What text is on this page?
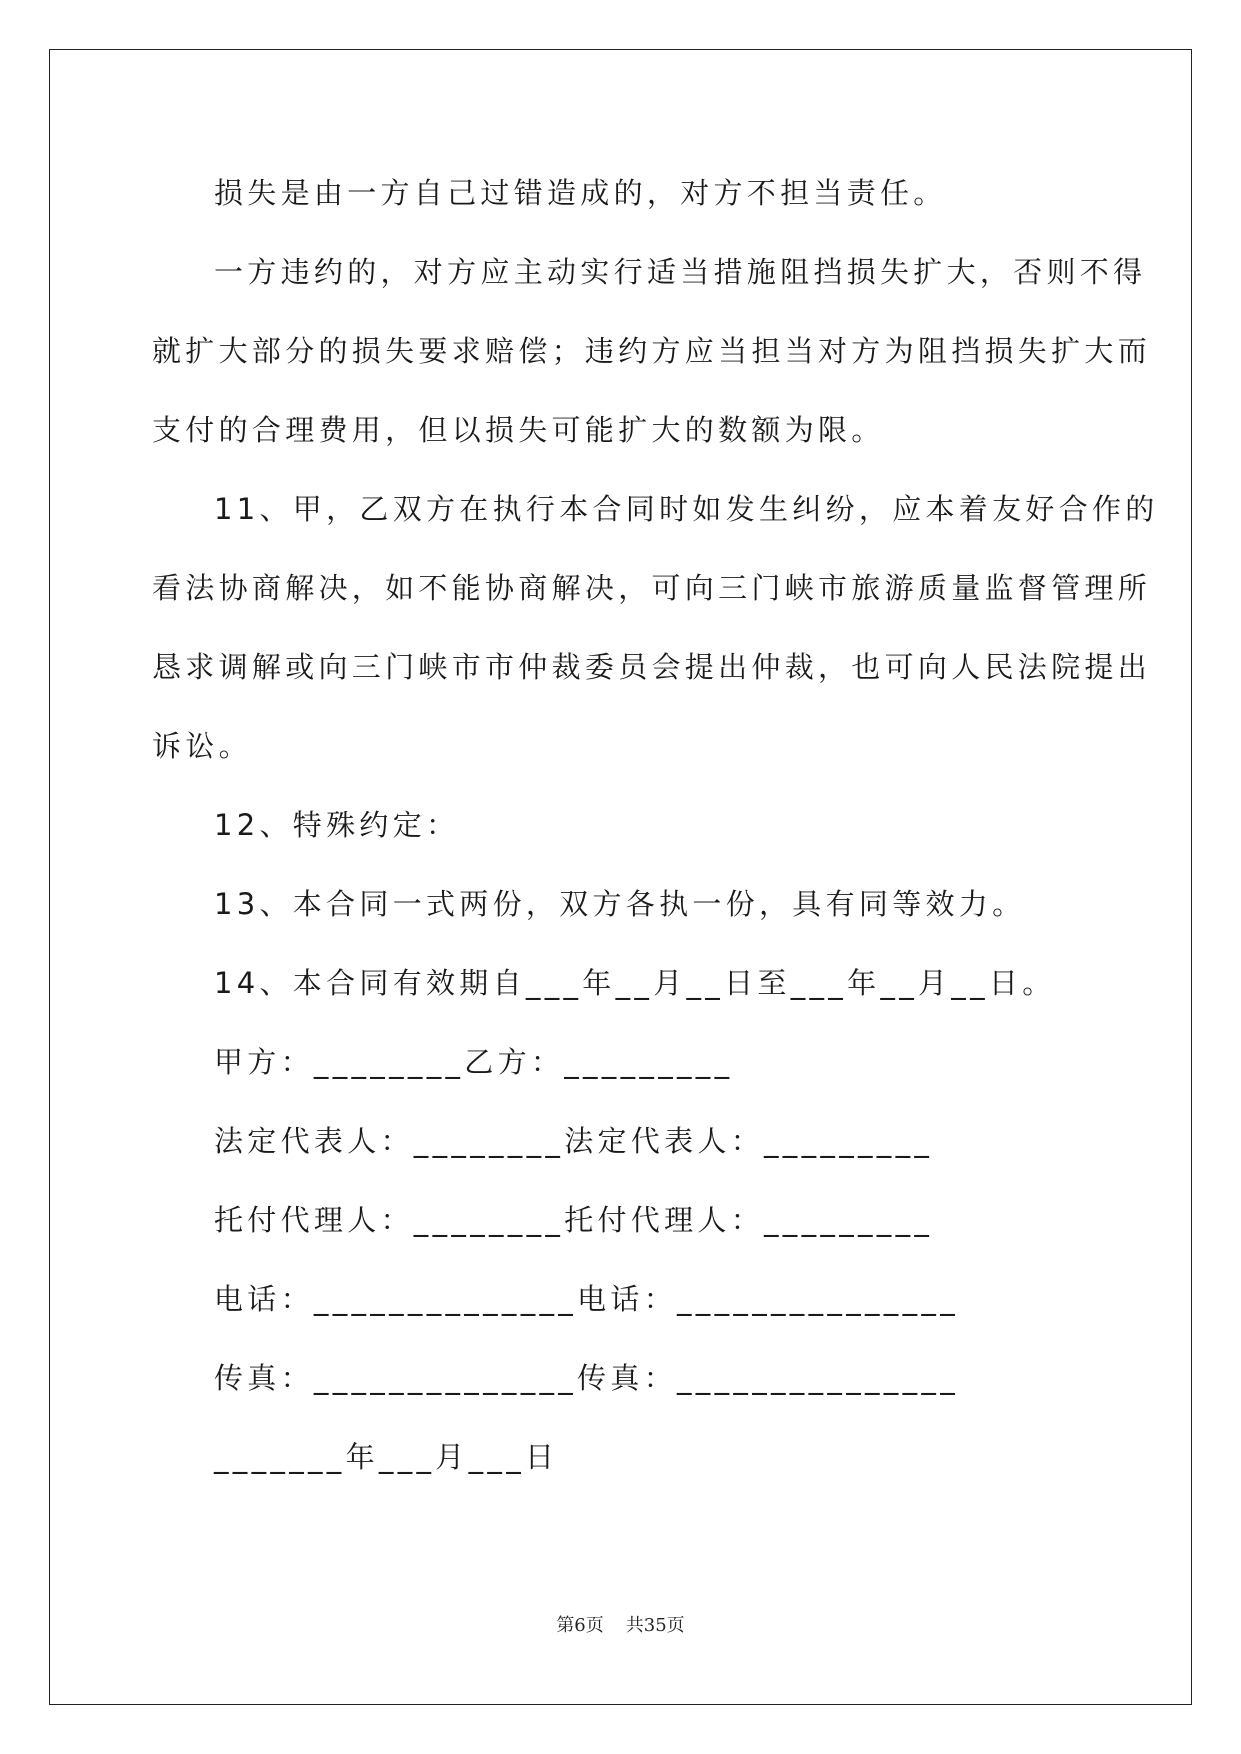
损失是由一方自己过错造成的，对方不担当责任。
一方违约的，对方应主动实行适当措施阻挡损失扩大，否则不得
就扩大部分的损失要求赔偿；违约方应当担当对方为阻挡损失扩大而
支付的合理费用，但以损失可能扩大的数额为限。
11、甲，乙双方在执行本合同时如发生纠纷，应本着友好合作的
看法协商解决，如不能协商解决，可向三门峡市旅游质量监督管理所
恳求调解或向三门峡市市仲裁委员会提出仲裁，也可向人民法院提出
诉讼。
12、特殊约定：
13、本合同一式两份，双方各执一份，具有同等效力。
14、本合同有效期自___年__月__日至___年__月__日。
甲方：________乙方：_________
法定代表人：________法定代表人：_________
托付代理人：________托付代理人：_________
电话：______________电话：_______________
传真：______________传真：_______________
_______年___月___日
第6页 共35页
